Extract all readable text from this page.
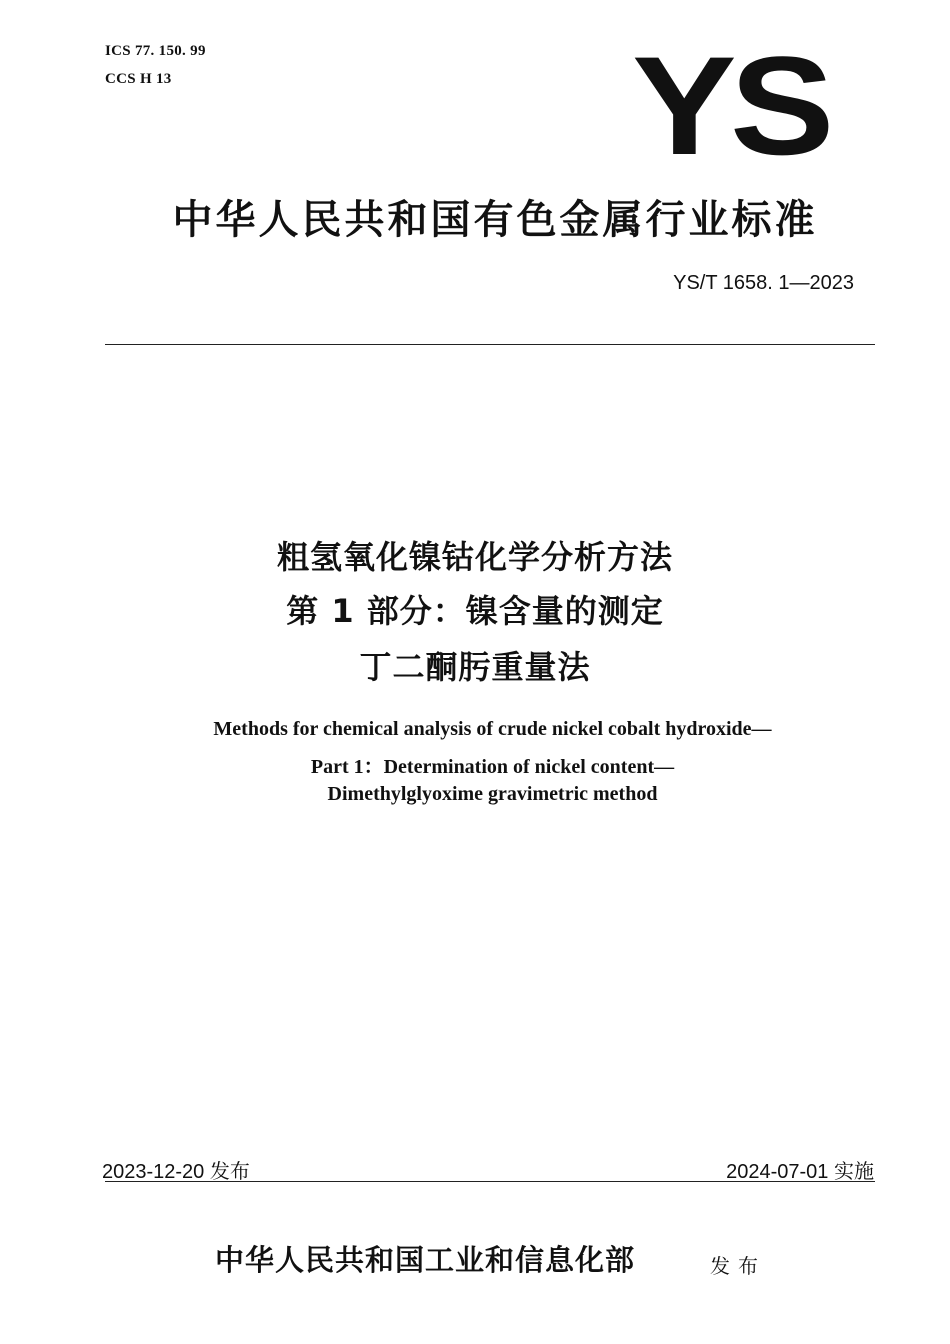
ICS 77. 150. 99
CCS H 13	YS
中华人民共和国有色金属行业标准
YS/T 1658. 1—2023
粗氢氧化镍钴化学分析方法
第 1 部分：镍含量的测定
丁二酮肟重量法
Methods for chemical analysis of crude nickel cobalt hydroxide—
Part 1：Determination of nickel content—
Dimethylglyoxime gravimetric method
2023-12-20 发布	2024-07-01 实施
中华人民共和国工业和信息化部	发布
